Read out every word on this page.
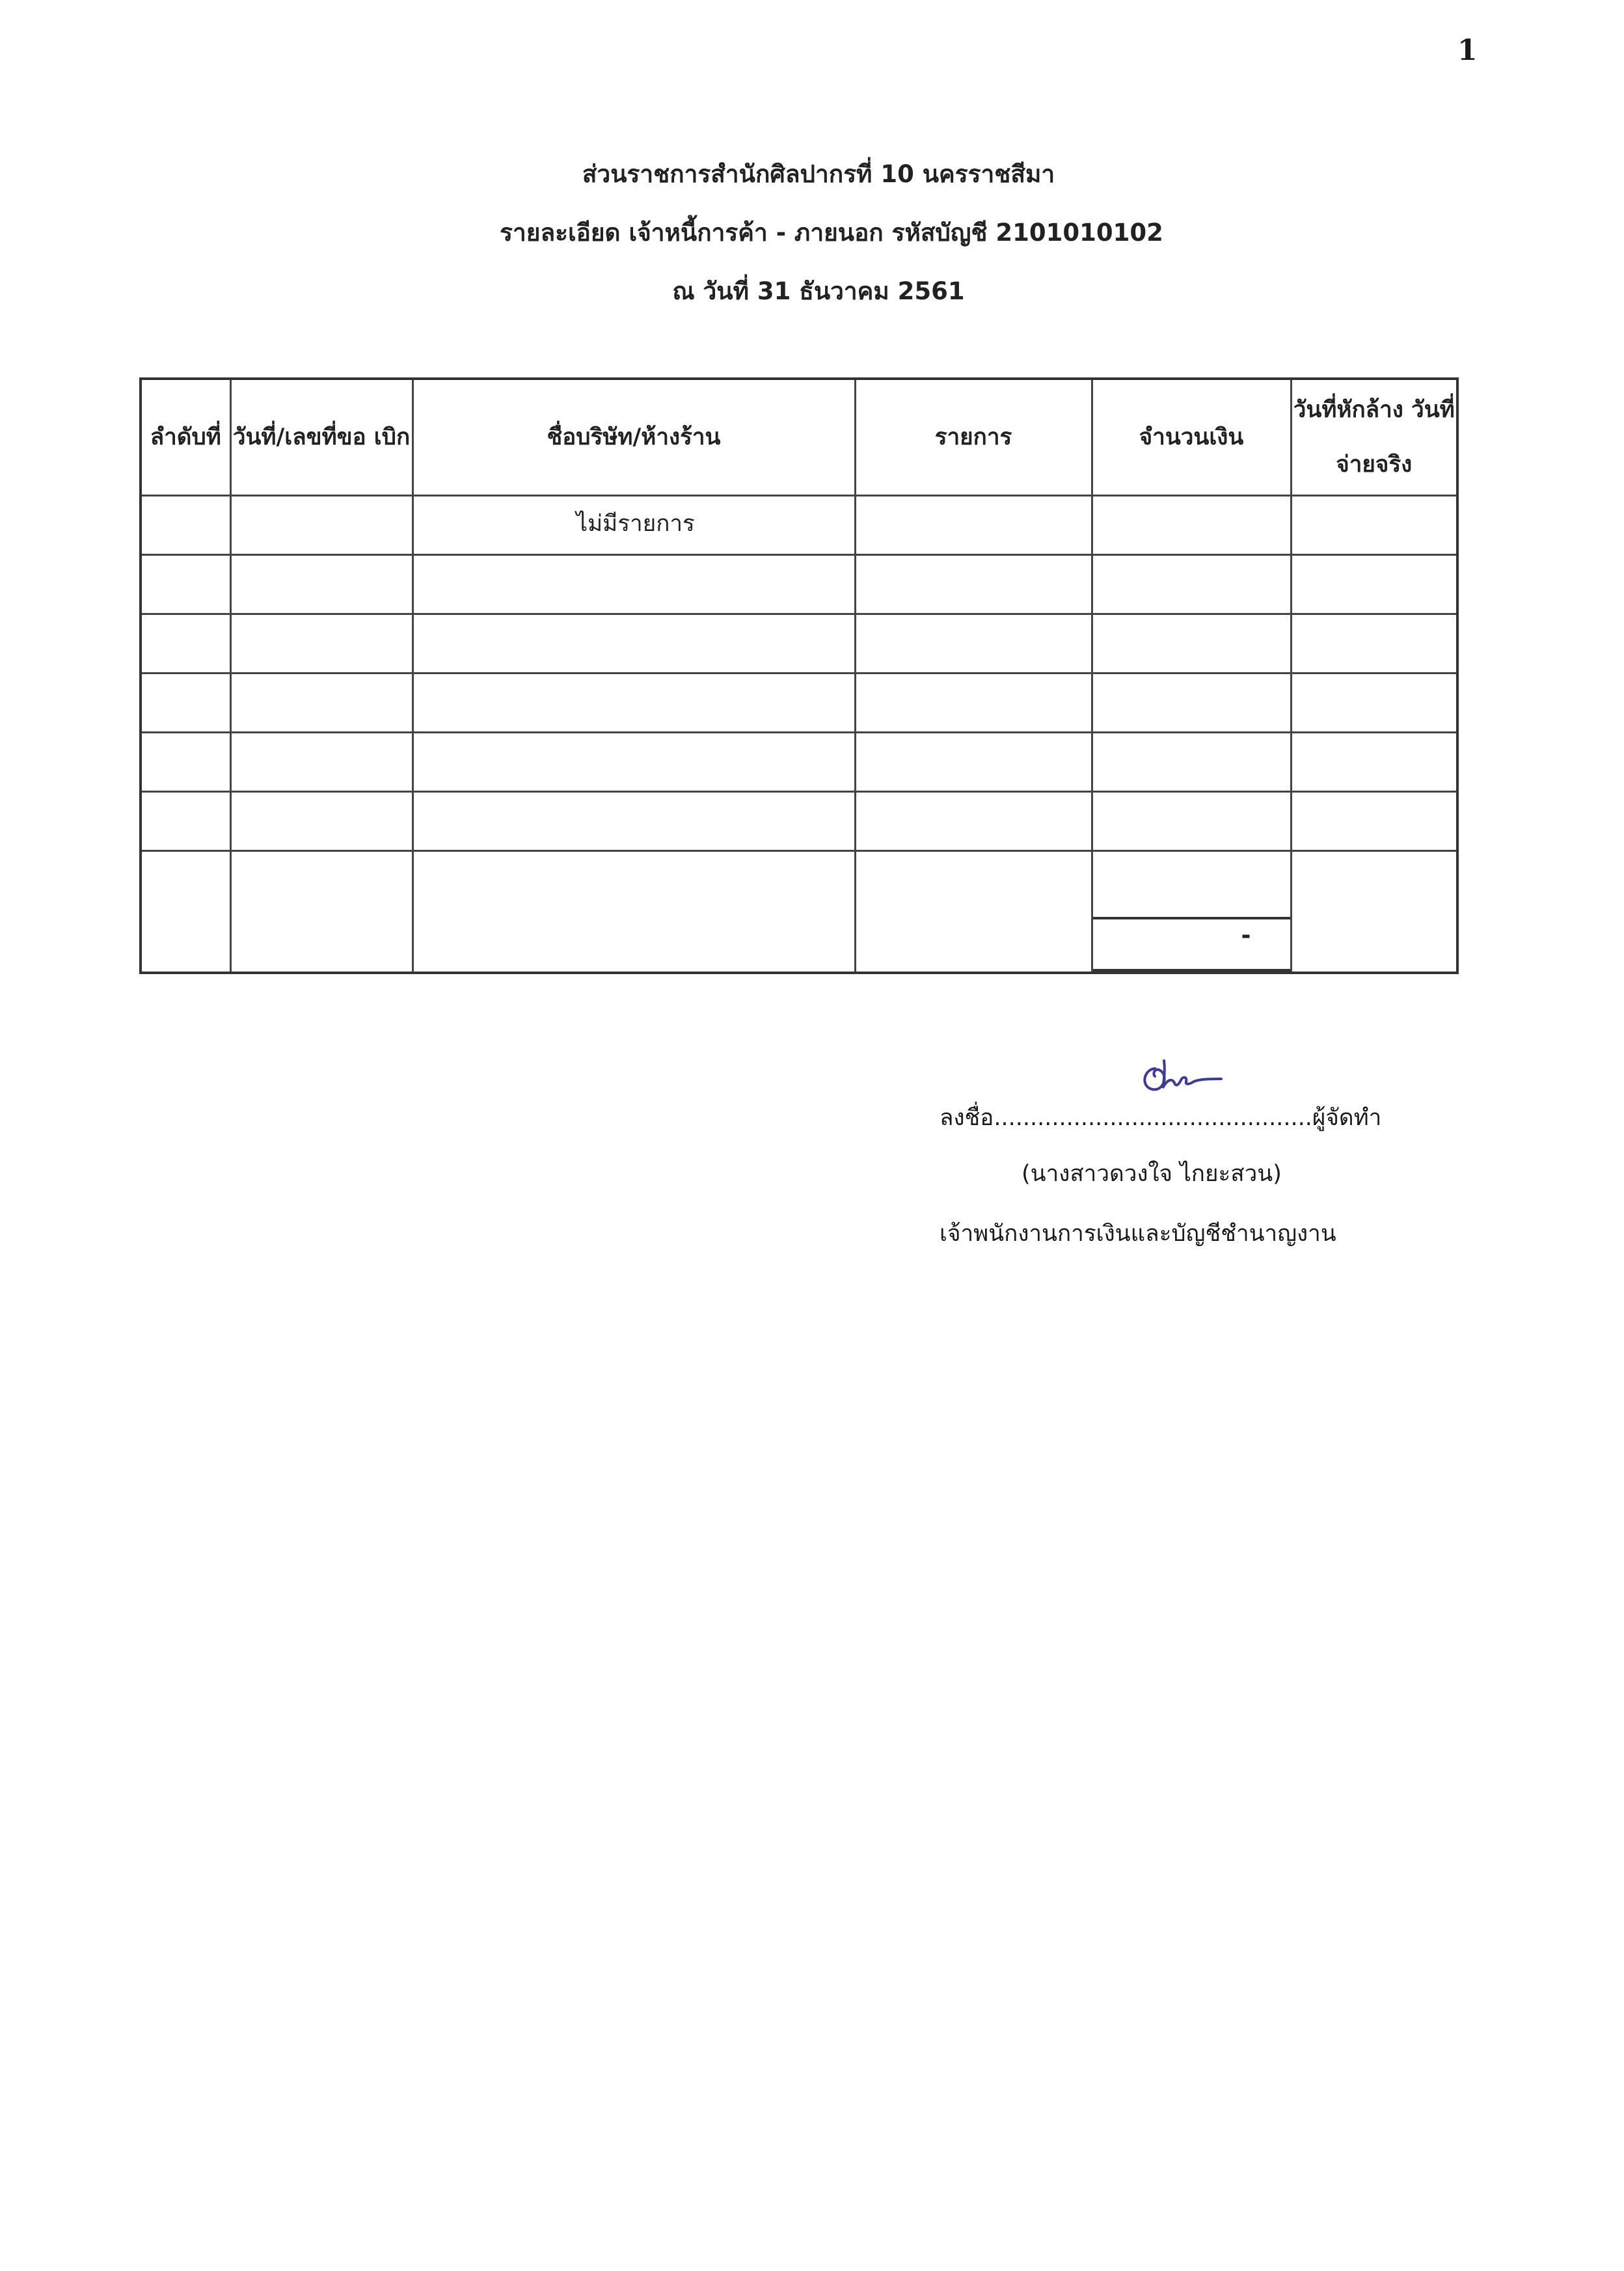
1
ส่วนราชการสำนักศิลปากรที่ 10 นครราชสีมา
รายละเอียด เจ้าหนี้การค้า - ภายนอก รหัสบัญชี 2101010102
ณ วันที่ 31 ธันวาคม 2561
ลำดับที่	วันที่/เลขที่ขอ เบิก	ชื่อบริษัท/ห้างร้าน	รายการ	จำนวนเงิน	วันที่หักล้าง วันที่จ่ายจริง

		ไม่มีรายการ			

				-	

ลงชื่อ............................................ผู้จัดทำ
(นางสาวดวงใจ ไกยะสวน)
เจ้าพนักงานการเงินและบัญชีชำนาญงาน
